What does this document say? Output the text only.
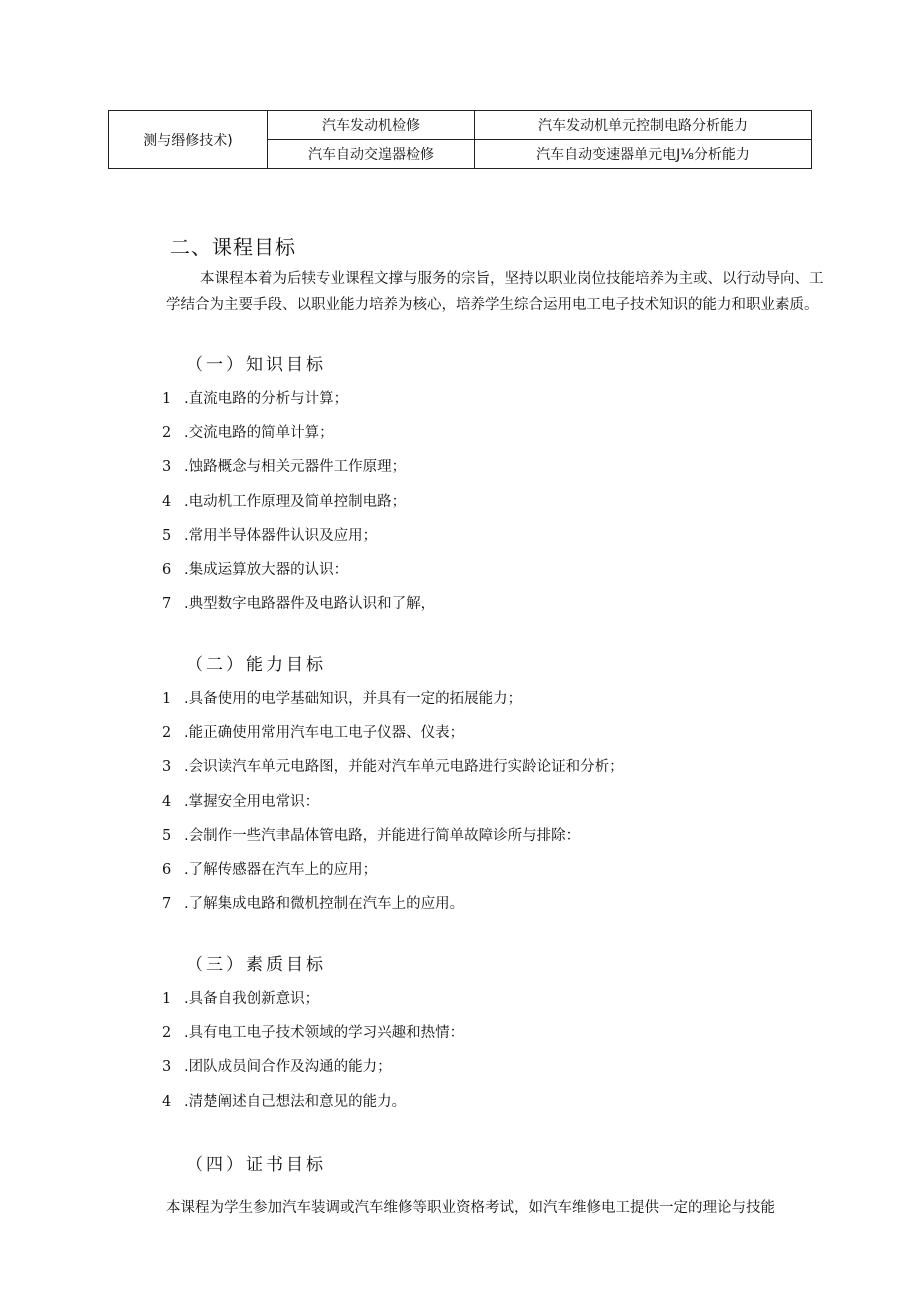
测与缗修技术)	汽车发动机检修	汽车发动机单元控制电路分析能力
	汽车自动交遑器检修	汽车自动变速器单元电J⅛分析能力
二、课程目标
本课程本着为后犊专业课程文撑与服务的宗旨，坚持以职业岗位技能培养为主或、以行动导向、工学结合为主要手段、以职业能力培养为核心，培养学生综合运用电工电子技术知识的能力和职业素质。
（一）知识目标
1 .直流电路的分析与计算；
2 .交流电路的简单计算；
3 .蚀路概念与相关元器件工作原理；
4 .电动机工作原理及简单控制电路；
5 .常用半导体器件认识及应用；
6 .集成运算放大器的认识：
7 .典型数字电路器件及电路认识和了解，
（二）能力目标
1 .具备使用的电学基础知识，并具有一定的拓展能力；
2 .能正确使用常用汽车电工电子仪器、仪表；
3 .会识读汽车单元电路图，并能对汽车单元电路进行实龄论证和分析；
4 .掌握安全用电常识：
5 .会制作一些汽聿晶体管电路，并能进行简单故障诊所与排除：
6 .了解传感器在汽车上的应用；
7 .了解集成电路和微机控制在汽车上的应用。
（三）素质目标
1 .具备自我创新意识；
2 .具有电工电子技术领域的学习兴趣和热情：
3 .团队成员间合作及沟通的能力；
4 .清楚阐述自己想法和意见的能力。
（四）证书目标
本课程为学生参加汽车装调或汽车维修等职业资格考试，如汽车维修电工提供一定的理论与技能
